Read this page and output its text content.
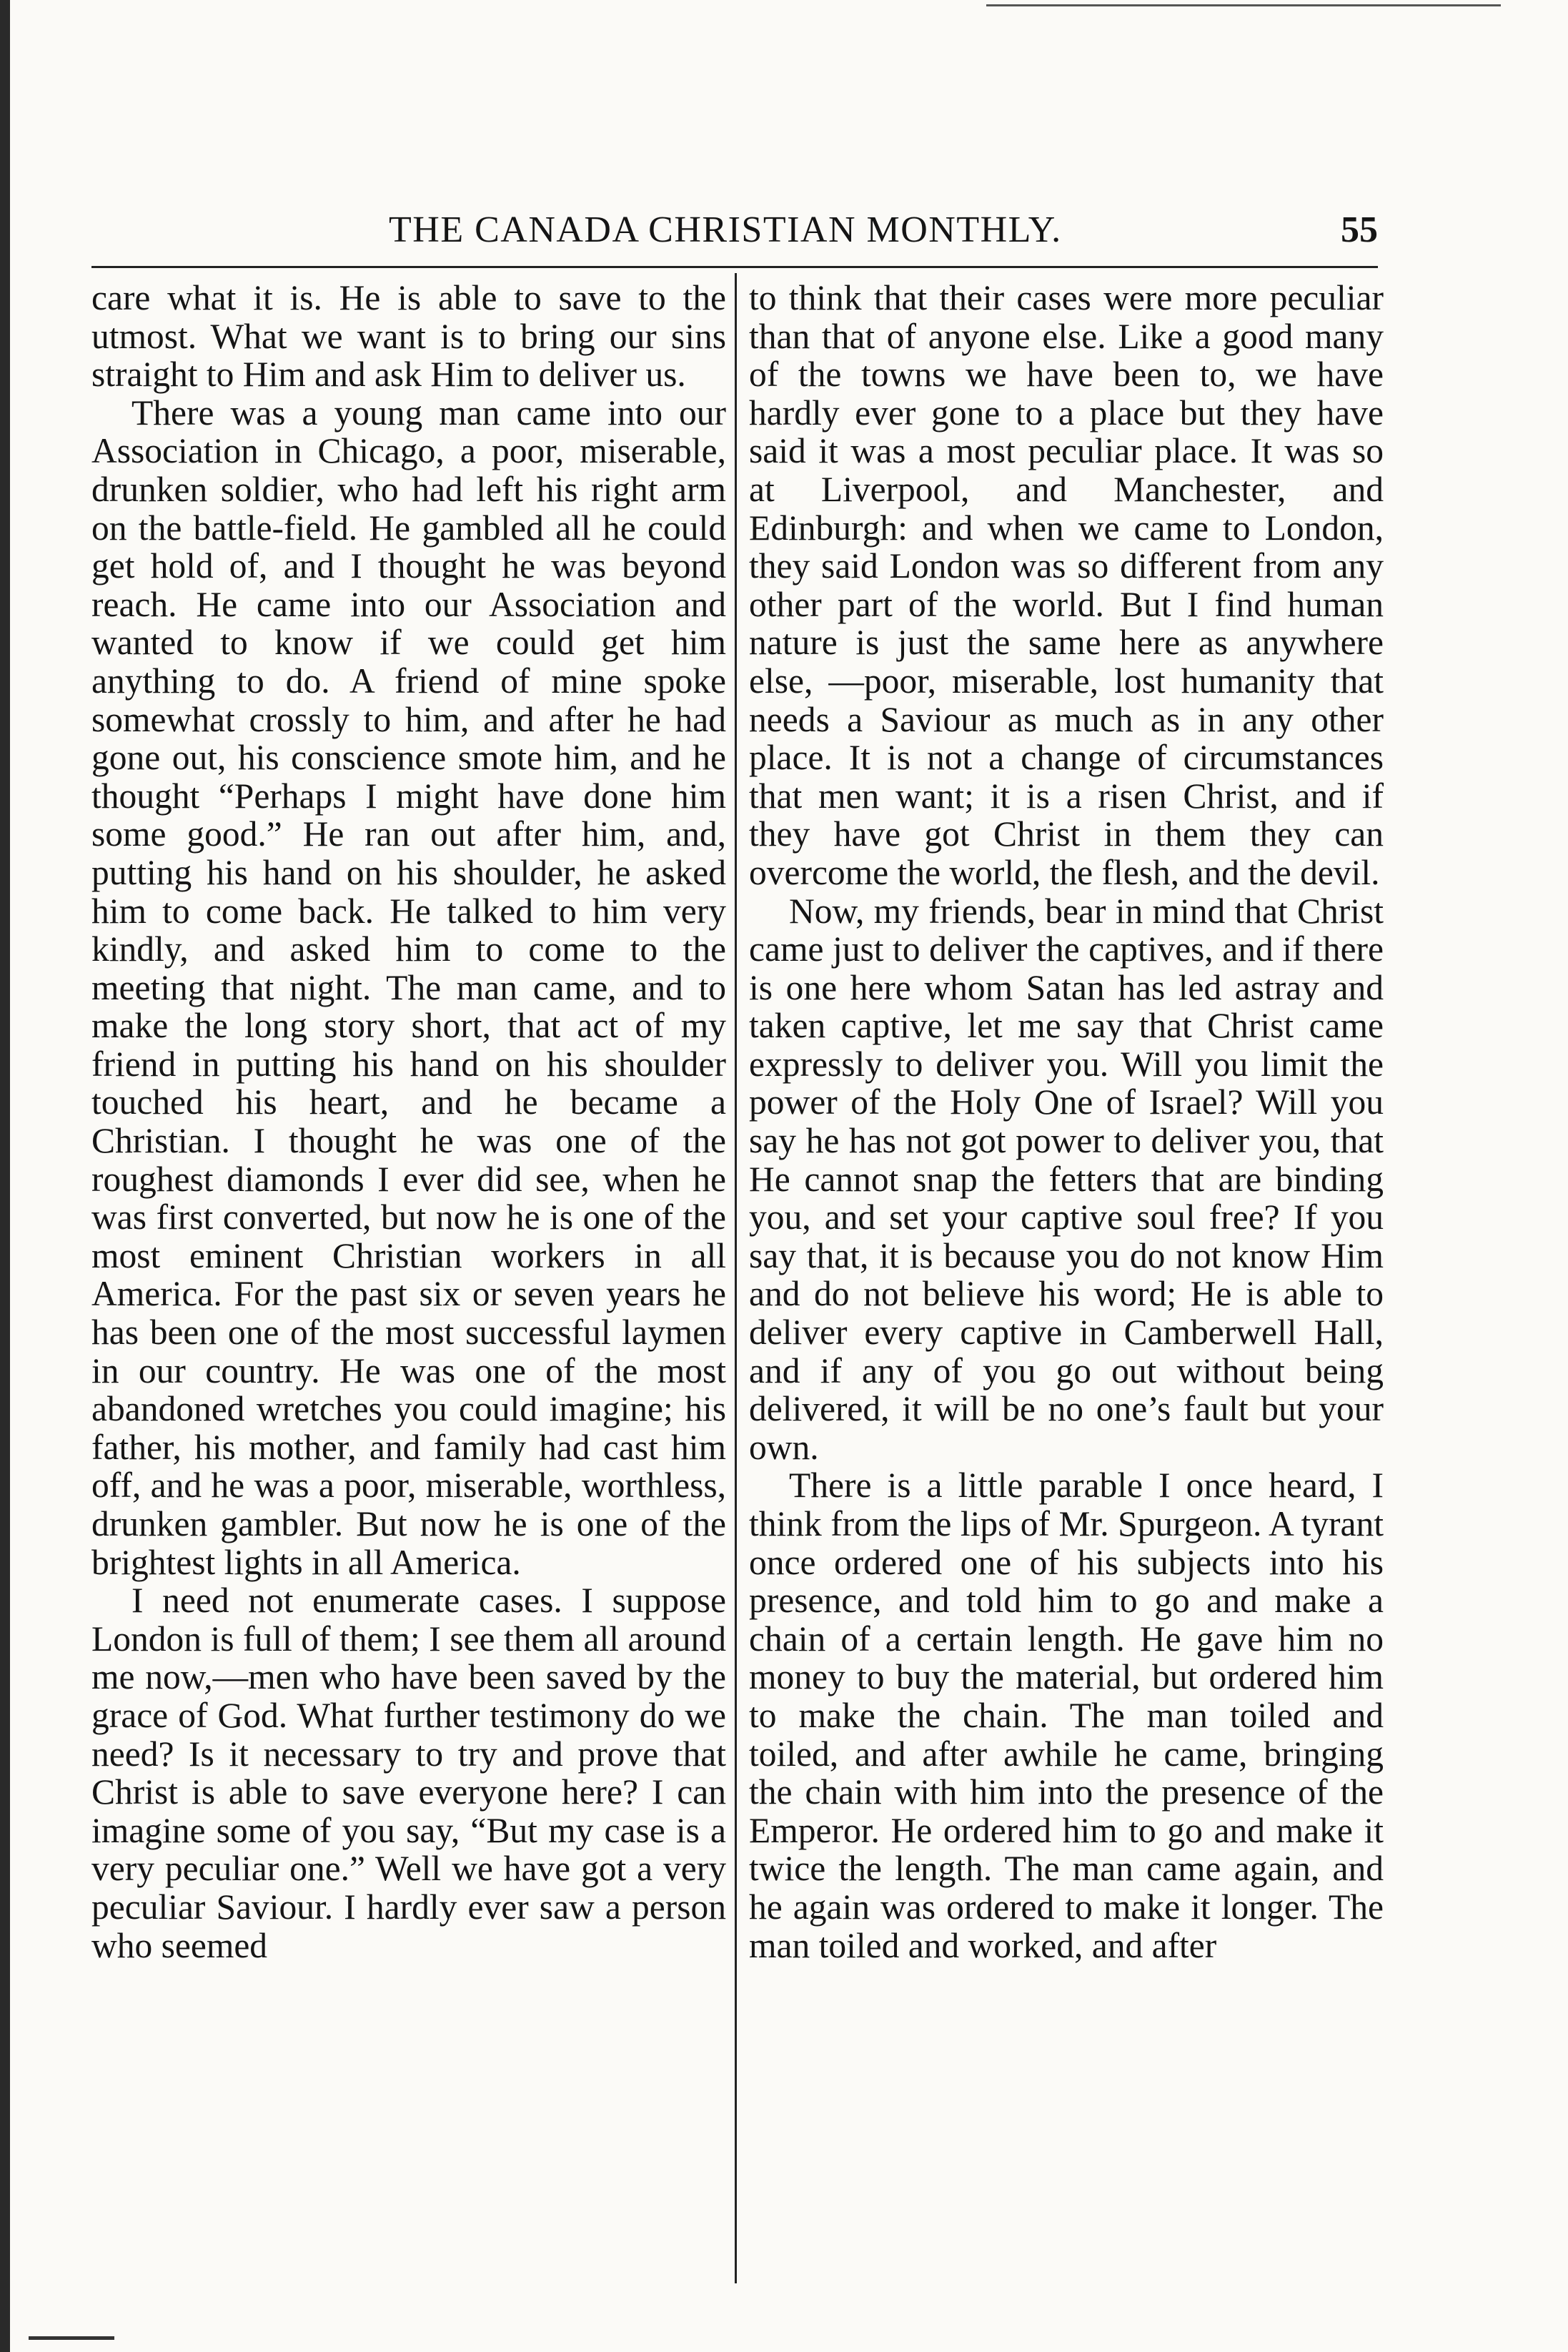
THE CANADA CHRISTIAN MONTHLY.	55

care what it is. He is able to save to the utmost. What we want is to bring our sins straight to Him and ask Him to deliver us.

There was a young man came into our Association in Chicago, a poor, miserable, drunken soldier, who had left his right arm on the battle-field. He gambled all he could get hold of, and I thought he was beyond reach. He came into our Association and wanted to know if we could get him anything to do. A friend of mine spoke somewhat crossly to him, and after he had gone out, his conscience smote him, and he thought “Perhaps I might have done him some good.” He ran out after him, and, putting his hand on his shoulder, he asked him to come back. He talked to him very kindly, and asked him to come to the meeting that night. The man came, and to make the long story short, that act of my friend in putting his hand on his shoulder touched his heart, and he became a Christian. I thought he was one of the roughest diamonds I ever did see, when he was first converted, but now he is one of the most eminent Christian workers in all America. For the past six or seven years he has been one of the most successful laymen in our country. He was one of the most abandoned wretches you could imagine; his father, his mother, and family had cast him off, and he was a poor, miserable, worthless, drunken gambler. But now he is one of the brightest lights in all America.

I need not enumerate cases. I suppose London is full of them; I see them all around me now,—men who have been saved by the grace of God. What further testimony do we need? Is it necessary to try and prove that Christ is able to save everyone here? I can imagine some of you say, “But my case is a very peculiar one.” Well we have got a very peculiar Saviour. I hardly ever saw a person who seemed

to think that their cases were more peculiar than that of anyone else. Like a good many of the towns we have been to, we have hardly ever gone to a place but they have said it was a most peculiar place. It was so at Liverpool, and Manchester, and Edinburgh: and when we came to London, they said London was so different from any other part of the world. But I find human nature is just the same here as anywhere else, —poor, miserable, lost humanity that needs a Saviour as much as in any other place. It is not a change of circumstances that men want; it is a risen Christ, and if they have got Christ in them they can overcome the world, the flesh, and the devil.

Now, my friends, bear in mind that Christ came just to deliver the captives, and if there is one here whom Satan has led astray and taken captive, let me say that Christ came expressly to deliver you. Will you limit the power of the Holy One of Israel? Will you say he has not got power to deliver you, that He cannot snap the fetters that are binding you, and set your captive soul free? If you say that, it is because you do not know Him and do not believe his word; He is able to deliver every captive in Camberwell Hall, and if any of you go out without being delivered, it will be no one’s fault but your own.

There is a little parable I once heard, I think from the lips of Mr. Spurgeon. A tyrant once ordered one of his subjects into his presence, and told him to go and make a chain of a certain length. He gave him no money to buy the material, but ordered him to make the chain. The man toiled and toiled, and after awhile he came, bringing the chain with him into the presence of the Emperor. He ordered him to go and make it twice the length. The man came again, and he again was ordered to make it longer. The man toiled and worked, and after
